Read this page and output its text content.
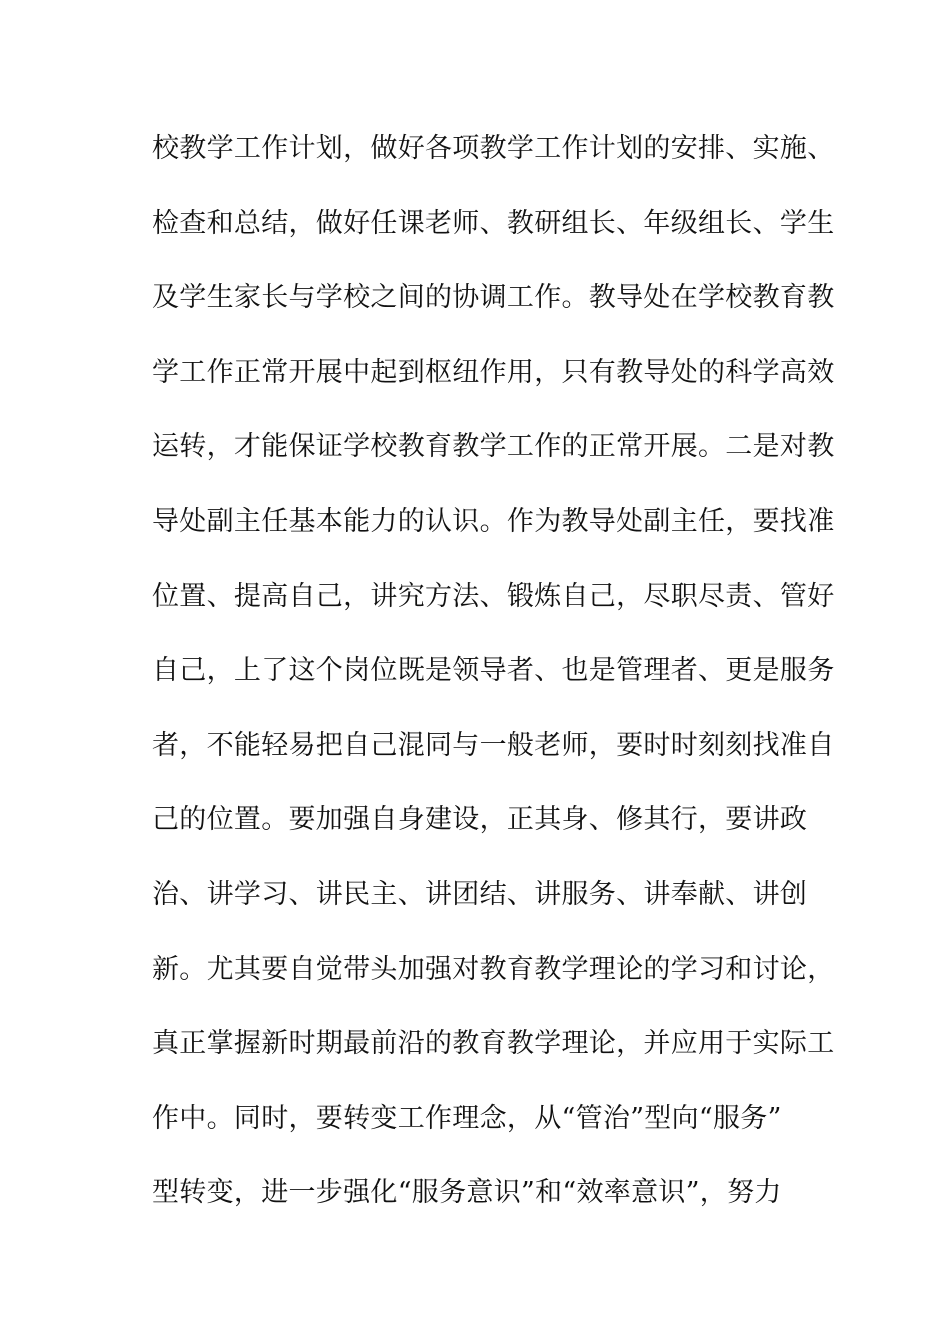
校教学工作计划，做好各项教学工作计划的安排、实施、
检查和总结，做好任课老师、教研组长、年级组长、学生
及学生家长与学校之间的协调工作。教导处在学校教育教
学工作正常开展中起到枢纽作用，只有教导处的科学高效
运转，才能保证学校教育教学工作的正常开展。二是对教
导处副主任基本能力的认识。作为教导处副主任，要找准
位置、提高自己，讲究方法、锻炼自己，尽职尽责、管好
自己，上了这个岗位既是领导者、也是管理者、更是服务
者，不能轻易把自己混同与一般老师，要时时刻刻找准自
己的位置。要加强自身建设，正其身、修其行，要讲政
治、讲学习、讲民主、讲团结、讲服务、讲奉献、讲创
新。尤其要自觉带头加强对教育教学理论的学习和讨论，
真正掌握新时期最前沿的教育教学理论，并应用于实际工
作中。同时，要转变工作理念，从“管治”型向“服务”
型转变，进一步强化“服务意识”和“效率意识”，努力
